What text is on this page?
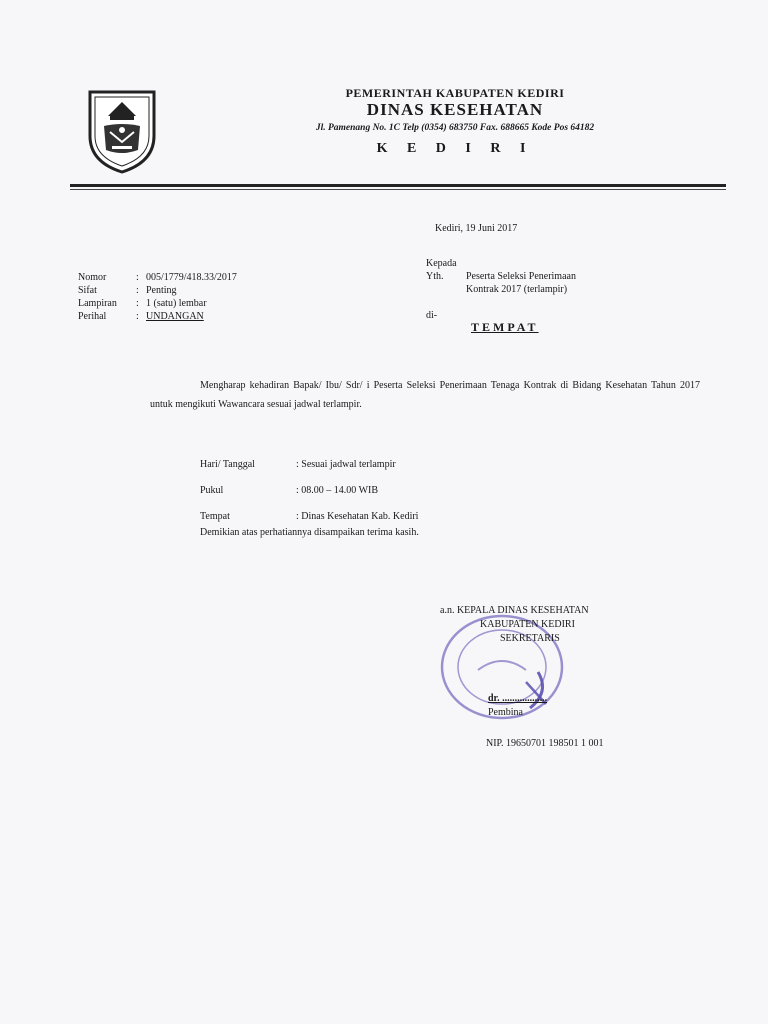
PEMERINTAH KABUPATEN KEDIRI
DINAS KESEHATAN
Jl. Pamenang No. 1C Telp (0354) 683750 Fax. 688665 Kode Pos 64182
K E D I R I
Kediri, 19 Juni 2017
Kepada
Yth.	Peserta Seleksi Penerimaan
Kontrak 2017 (terlampir)
di-
TEMPAT
Nomor	: 005/1779/418.33/2017
Sifat	: Penting
Lampiran	: 1 (satu) lembar
Perihal	: UNDANGAN

Mengharap kehadiran Bapak/ Ibu/ Sdr/ i Peserta Seleksi Penerimaan Tenaga Kontrak di Bidang Kesehatan Tahun 2017 untuk mengikuti Wawancara sesuai jadwal terlampir.

Hari/ Tanggal	: Sesuai jadwal terlampir
Pukul	: 08.00 – 14.00 WIB
Tempat	: Dinas Kesehatan Kab. Kediri
Demikian atas perhatiannya disampaikan terima kasih.
a.n. KEPALA DINAS KESEHATAN
KABUPATEN KEDIRI
SEKRETARIS
dr. ..................
Pembina
NIP. 19650701 198501 1 001
